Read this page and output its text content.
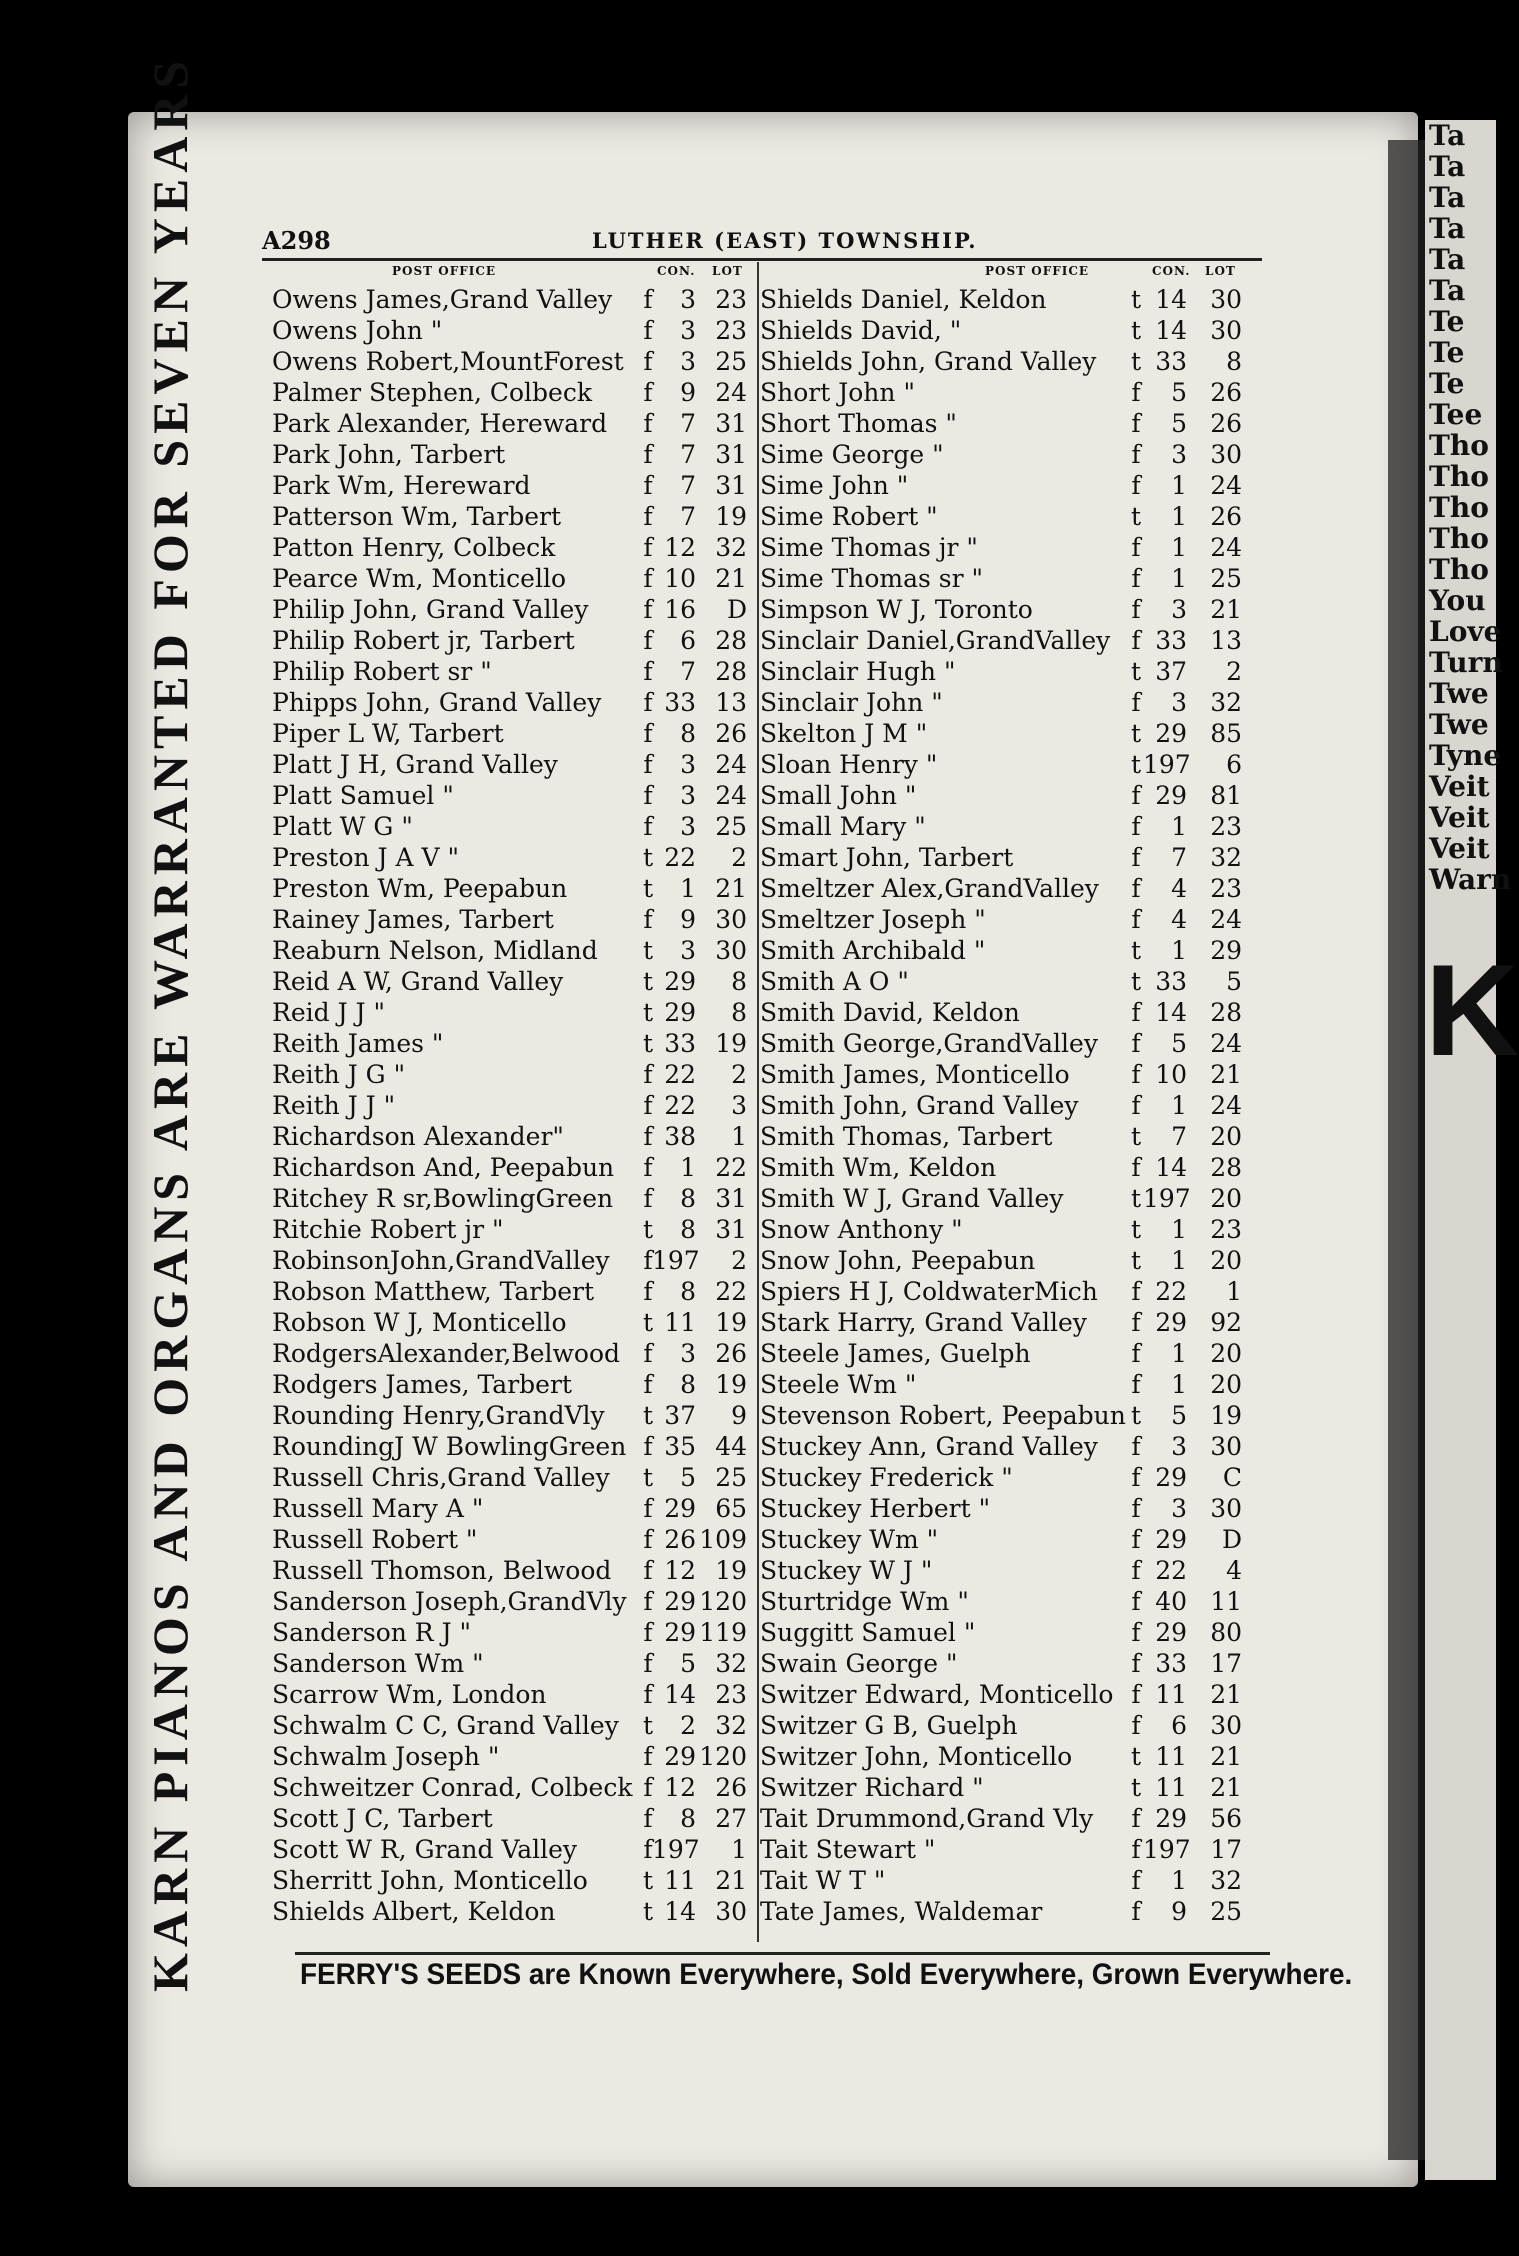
Ta
Ta
Ta
Ta
Ta
Ta
Te
Te
Te
Tee
Tho
Tho
Tho
Tho
Tho
You
Love
Turn
Twe
Twe
Tyne
Veit
Veit
Veit
Warn
K
KARN PIANOS AND ORGANS ARE WARRANTED FOR SEVEN YEARS	A298	LUTHER (EAST) TOWNSHIP.
POST OFFICE	CON. LOT
Owens James,Grand Valley f	3 23
Owens John "	f	3 23
Owens Robert,MountForest f	3 25
Palmer Stephen, Colbeck f	9 24
Park Alexander, Hereward f	7 31
Park John, Tarbert	f	7 31
Park Wm, Hereward	f	7 31
Patterson Wm, Tarbert	f	7 19
Patton Henry, Colbeck	f 12 32
Pearce Wm, Monticello	f 10 21
Philip John, Grand Valley f 16	D
Philip Robert jr, Tarbert	f	6 28
Philip Robert sr "	f	7 28
Phipps John, Grand Valley f 33 13
Piper L W, Tarbert	f	8 26
Platt J H, Grand Valley	f	3 24
Platt Samuel "	f	3 24
Platt W G "	f	3 25
Preston J A V "	t 22	2
Preston Wm, Peepabun	t	1 21
Rainey James, Tarbert	f	9 30
Reaburn Nelson, Midland t	3 30
Reid A W, Grand Valley	t 29	8
Reid J J "	t 29	8
Reith James "	t 33 19
Reith J G "	f 22	2
Reith J J "	f 22	3
Richardson Alexander"	f 38	1
Richardson And, Peepabun f	1 22
Ritchey R sr,BowlingGreen f	8 31
Ritchie Robert jr "	t	8 31
RobinsonJohn,GrandValley f 197	2
Robson Matthew, Tarbert f	8 22
Robson W J, Monticello	t 11 19
RodgersAlexander,Belwood f	3 26
Rodgers James, Tarbert	f	8 19
Rounding Henry,GrandVly t 37	9
RoundingJ W BowlingGreen f 35 44
Russell Chris,Grand Valley t	5 25
Russell Mary A "	f 29 65
Russell Robert "	f 26 109
Russell Thomson, Belwood f 12 19
Sanderson Joseph,GrandVly f 29 120
Sanderson R J "	f 29 119
Sanderson Wm "	f	5 32
Scarrow Wm, London	f 14 23
Schwalm C C, Grand Valley t	2 32
Schwalm Joseph "	f 29 120
Schweitzer Conrad, Colbeck f 12 26
Scott J C, Tarbert	f	8 27
Scott W R, Grand Valley	f 197	1
Sherritt John, Monticello t 11 21
Shields Albert, Keldon	t 14 30
POST OFFICE	CON. LOT
Shields Daniel, Keldon	t 14 30
Shields David, "	t 14 30
Shields John, Grand Valley t 33	8
Short John "	f	5 26
Short Thomas "	f	5 26
Sime George "	f	3 30
Sime John "	f	1 24
Sime Robert "	t	1 26
Sime Thomas jr "	f	1 24
Sime Thomas sr "	f	1 25
Simpson W J, Toronto	f	3 21
Sinclair Daniel,GrandValley f 33 13
Sinclair Hugh "	t 37	2
Sinclair John "	f	3 32
Skelton J M "	t 29 85
Sloan Henry "	t 197	6
Small John "	f 29 81
Small Mary "	f	1 23
Smart John, Tarbert	f	7 32
Smeltzer Alex,GrandValley f	4 23
Smeltzer Joseph "	f	4 24
Smith Archibald "	t	1 29
Smith A O "	t 33	5
Smith David, Keldon	f 14 28
Smith George,GrandValley f	5 24
Smith James, Monticello f 10 21
Smith John, Grand Valley f	1 24
Smith Thomas, Tarbert	t	7 20
Smith Wm, Keldon	f 14 28
Smith W J, Grand Valley	t 197 20
Snow Anthony "	t	1 23
Snow John, Peepabun	t	1 20
Spiers H J, ColdwaterMich f 22	1
Stark Harry, Grand Valley f 29 92
Steele James, Guelph	f	1 20
Steele Wm "	f	1 20
Stevenson Robert, Peepabun t	5 19
Stuckey Ann, Grand Valley f	3 30
Stuckey Frederick "	f 29	C
Stuckey Herbert "	f	3 30
Stuckey Wm "	f 29	D
Stuckey W J "	f 22	4
Sturtridge Wm "	f 40 11
Suggitt Samuel "	f 29 80
Swain George "	f 33 17
Switzer Edward, Monticello f 11 21
Switzer G B, Guelph	f	6 30
Switzer John, Monticello t 11 21
Switzer Richard "	t 11 21
Tait Drummond,Grand Vly f 29 56
Tait Stewart "	f 197 17
Tait W T "	f	1 32
Tate James, Waldemar	f	9 25
FERRY'S SEEDS are Known Everywhere, Sold Everywhere, Grown Everywhere.
